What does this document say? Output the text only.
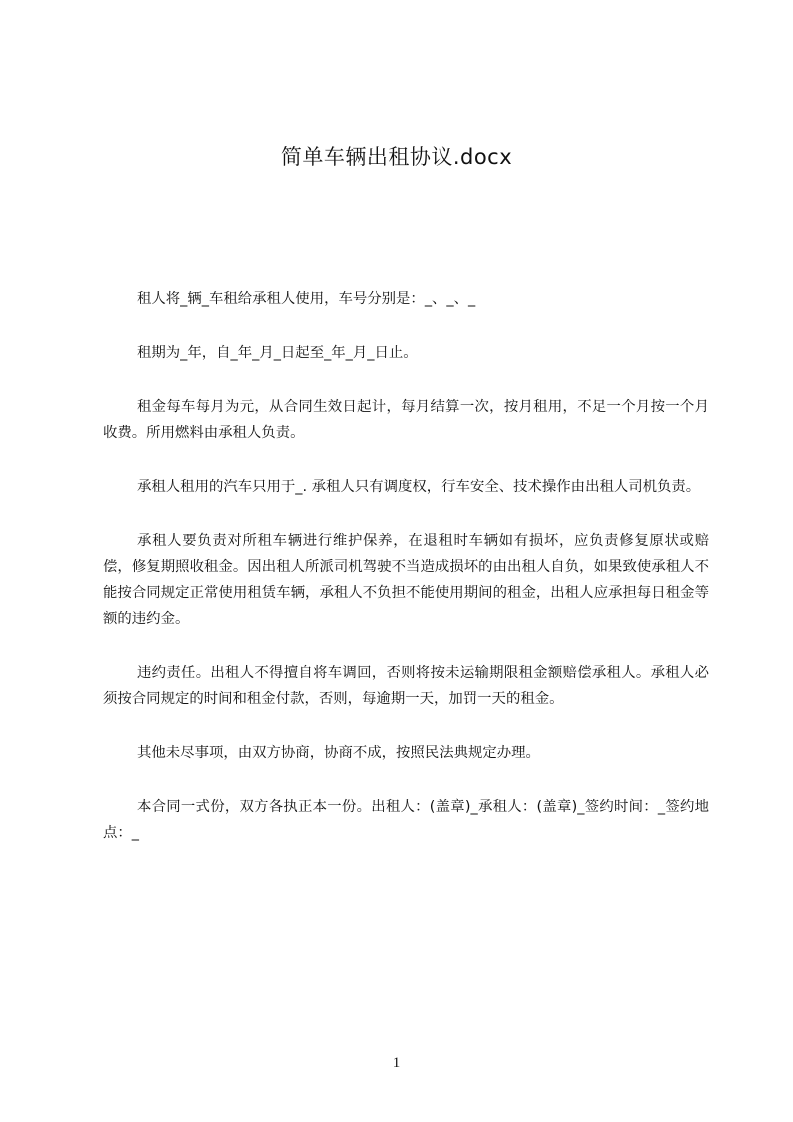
简单车辆出租协议.docx

租人将_辆_车租给承租人使用，车号分别是：_、_、_

租期为_年，自_年_月_日起至_年_月_日止。

租金每车每月为元，从合同生效日起计，每月结算一次，按月租用，不足一个月按一个月收费。所用燃料由承租人负责。

承租人租用的汽车只用于_. 承租人只有调度权，行车安全、技术操作由出租人司机负责。

承租人要负责对所租车辆进行维护保养，在退租时车辆如有损坏，应负责修复原状或赔偿，修复期照收租金。因出租人所派司机驾驶不当造成损坏的由出租人自负，如果致使承租人不能按合同规定正常使用租赁车辆，承租人不负担不能使用期间的租金，出租人应承担每日租金等额的违约金。

违约责任。出租人不得擅自将车调回，否则将按未运输期限租金额赔偿承租人。承租人必须按合同规定的时间和租金付款，否则，每逾期一天，加罚一天的租金。

其他未尽事项，由双方协商，协商不成，按照民法典规定办理。

本合同一式份，双方各执正本一份。出租人：(盖章)_承租人：(盖章)_签约时间：_签约地点：_

1
